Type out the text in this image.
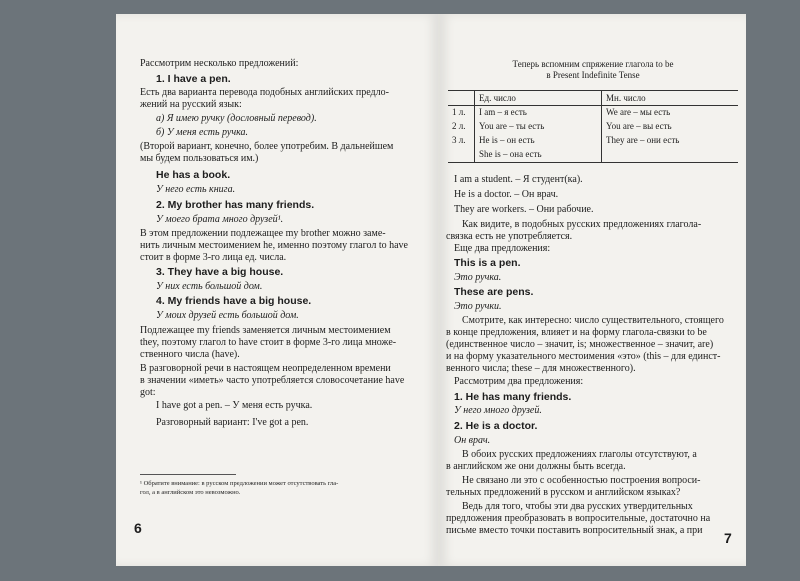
6
Рассмотрим несколько предложений:
1. I have a pen.
Есть два варианта перевода подобных английских предло-
жений на русский язык:
а) Я имею ручку (дословный перевод).
б) У меня есть ручка.
(Второй вариант, конечно, более употребим. В дальнейшем
мы будем пользоваться им.)
He has a book.
У него есть книга.
2. My brother has many friends.
У моего брата много друзей¹.
В этом предложении подлежащее my brother можно заме-
нить личным местоимением he, именно поэтому глагол to have
стоит в форме 3-го лица ед. числа.
3. They have a big house.
У них есть большой дом.
4. My friends have a big house.
У моих друзей есть большой дом.
Подлежащее my friends заменяется личным местоимением
they, поэтому глагол to have стоит в форме 3-го лица множе-
ственного числа (have).
В разговорной речи в настоящем неопределенном времени
в значении «иметь» часто употребляется словосочетание have
got:
I have got a pen. – У меня есть ручка.
Разговорный вариант: I've got a pen.
¹ Обратите внимание: в русском предложении может отсутствовать гла-
гол, а в английском это невозможно.
Теперь вспомним спряжение глагола to be
в Present Indefinite Tense
	Ед. число	Мн. число
1 л.	I am – я есть	We are – мы есть
2 л.	You are – ты есть	You are – вы есть
3 л.	He is – он есть	They are – они есть
	She is – она есть	
7
I am a student. – Я студент(ка).
He is a doctor. – Он врач.
They are workers. – Они рабочие.
Как видите, в подобных русских предложениях глагола-
связка есть не употребляется.
Еще два предложения:
This is a pen.
Это ручка.
These are pens.
Это ручки.
Смотрите, как интересно: число существительного, стоящего
в конце предложения, влияет и на форму глагола-связки to be
(единственное число – значит, is; множественное – значит, are)
и на форму указательного местоимения «это» (this – для единст-
венного числа; these – для множественного).
Рассмотрим два предложения:
1. He has many friends.
У него много друзей.
2. He is a doctor.
Он врач.
В обоих русских предложениях глаголы отсутствуют, а
в английском же они должны быть всегда.
Не связано ли это с особенностью построения вопроси-
тельных предложений в русском и английском языках?
Ведь для того, чтобы эти два русских утвердительных
предложения преобразовать в вопросительные, достаточно на
письме вместо точки поставить вопросительный знак, а при
